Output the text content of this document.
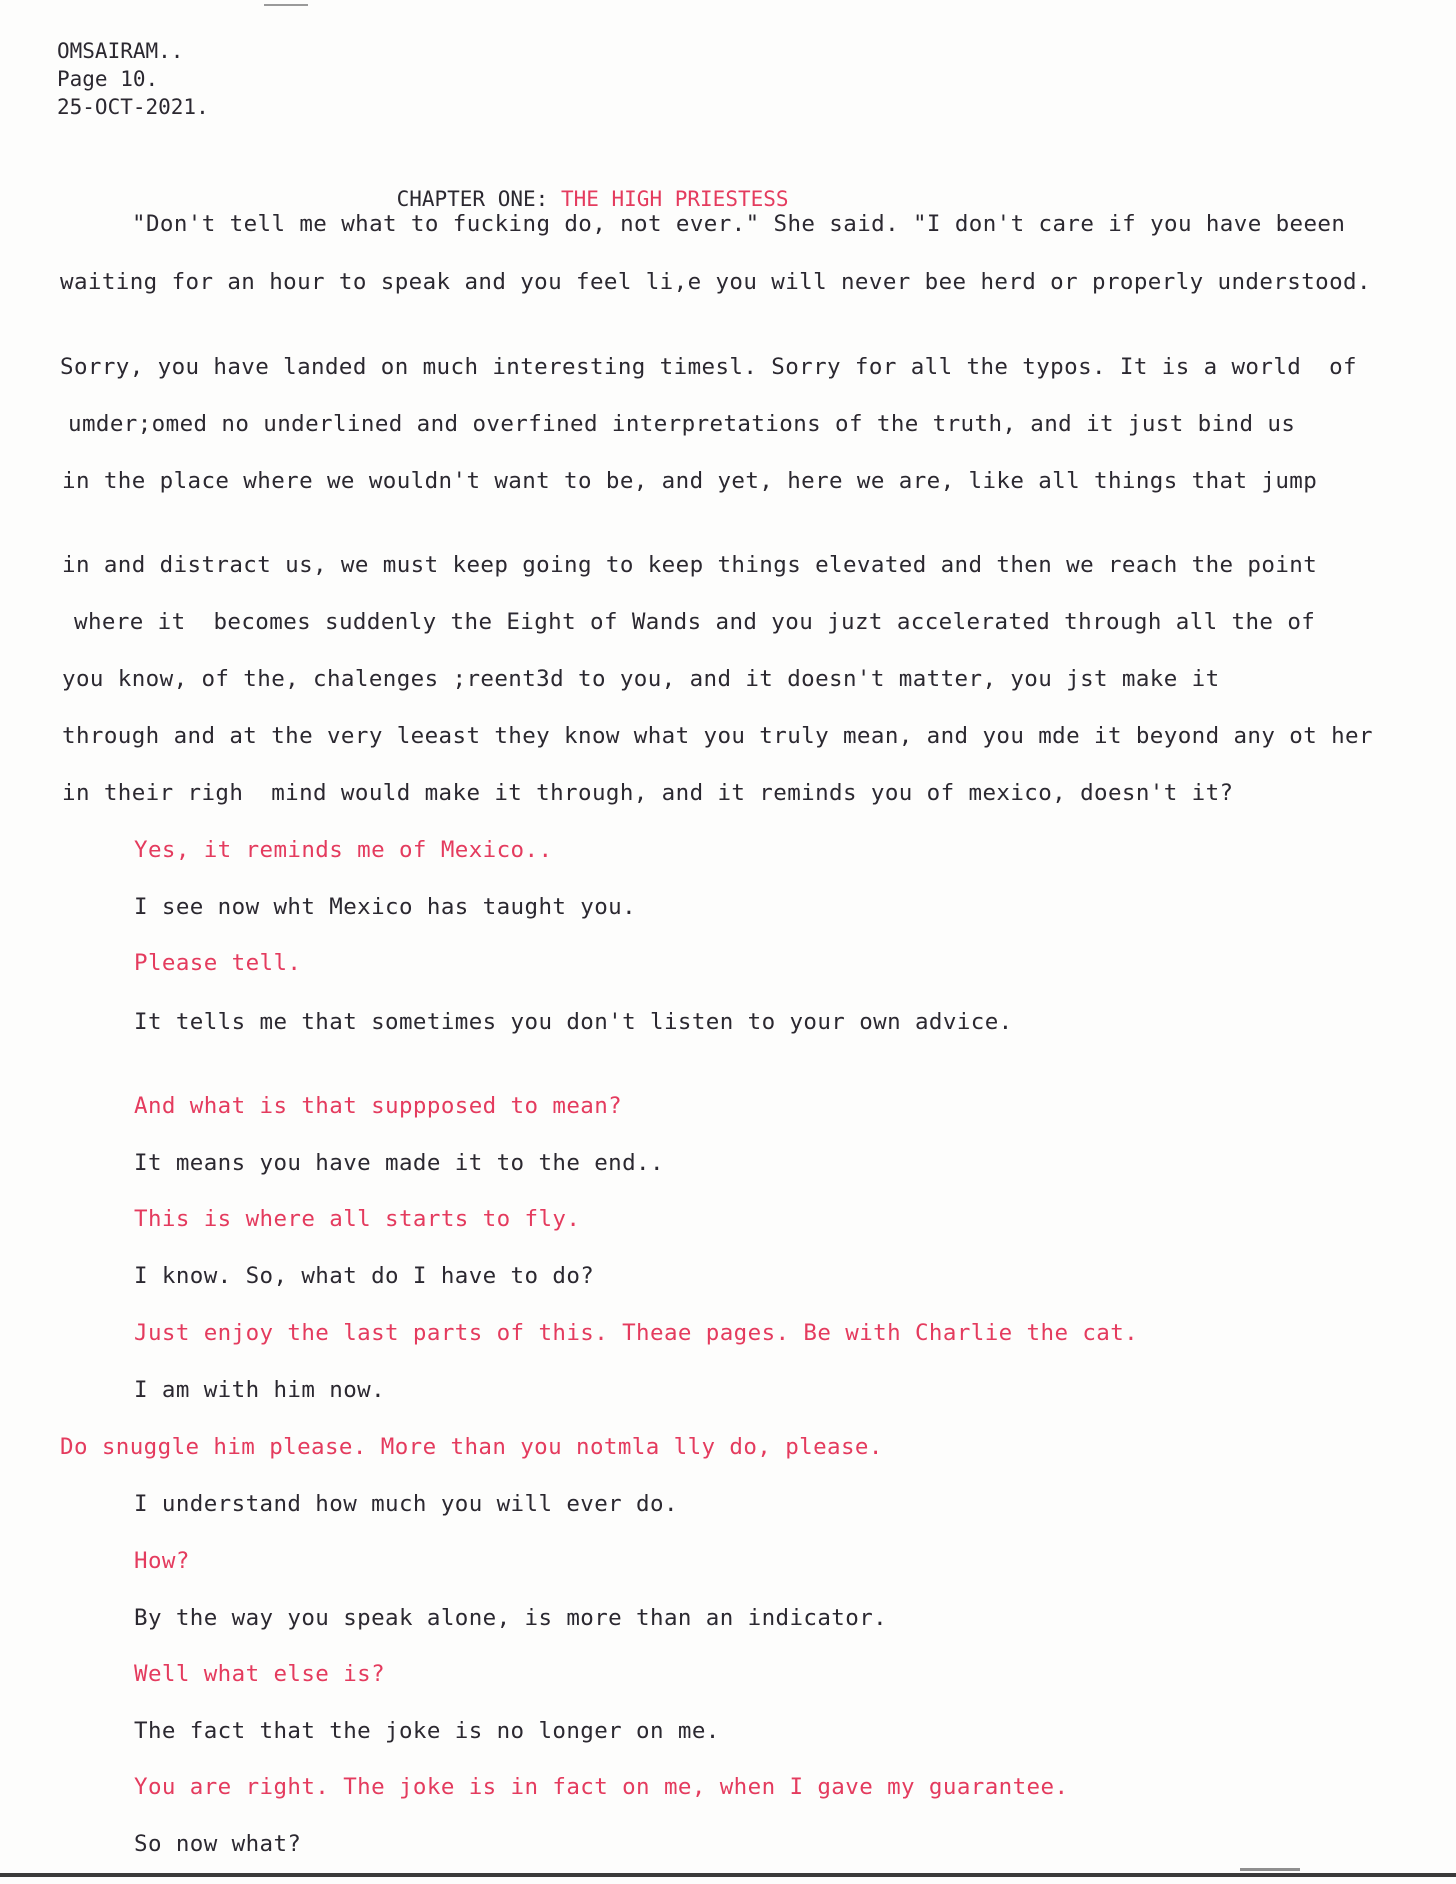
OMSAIRAM..
Page 10.
25-OCT-2021.

CHAPTER ONE: THE HIGH PRIESTESS

"Don't tell me what to fucking do, not ever." She said. "I don't care if you have beeen
waiting for an hour to speak and you feel li,e you will never bee herd or properly understood.
Sorry, you have landed on much interesting timesl. Sorry for all the typos. It is a world  of
umder;omed no underlined and overfined interpretations of the truth, and it just bind us
in the place where we wouldn't want to be, and yet, here we are, like all things that jump
in and distract us, we must keep going to keep things elevated and then we reach the point
where it  becomes suddenly the Eight of Wands and you juzt accelerated through all the of
you know, of the, chalenges ;reent3d to you, and it doesn't matter, you jst make it
through and at the very leeast they know what you truly mean, and you mde it beyond any ot her
in their righ  mind would make it through, and it reminds you of mexico, doesn't it?
Yes, it reminds me of Mexico..
I see now wht Mexico has taught you.
Please tell.
It tells me that sometimes you don't listen to your own advice.
And what is that suppposed to mean?
It means you have made it to the end..
This is where all starts to fly.
I know. So, what do I have to do?
Just enjoy the last parts of this. Theae pages. Be with Charlie the cat.
I am with him now.
Do snuggle him please. More than you notmla lly do, please.
I understand how much you will ever do.
How?
By the way you speak alone, is more than an indicator.
Well what else is?
The fact that the joke is no longer on me.
You are right. The joke is in fact on me, when I gave my guarantee.
So now what?
